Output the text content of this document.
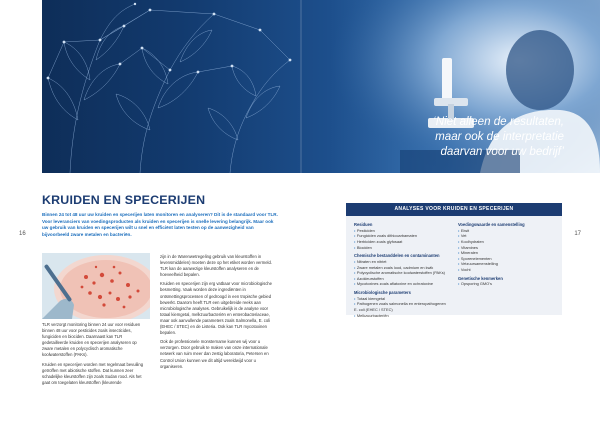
‘Niet alleen de resultaten,
maar ook de interpretatie
daarvan voor uw bedrijf’
16	17
KRUIDEN EN SPECERIJEN

Binnen 24 tot 48 uur uw kruiden en specerijen laten monitoren en analyseren? Dit is de standaard voor TLR. Voor leveranciers van voedingsproducten als kruiden en specerijen is snelle levering belangrijk. Maar ook uw gebruik van kruiden en specerijen wilt u snel en efficiënt laten testen op de aanwezigheid van bijvoorbeeld zware metalen en bacteriën.

TLR verzorgt monitoring binnen 24 uur voor residuen binnen 48 uur voor pesticides zoals insecticides, fungiciden en biociden. Daarnaast kan TLR gedetailleerde kruiden en specerijen analyseren op zware metalen en polycyclisch aromatische koolwaterstoffen (PAKs).

Kruiden en specerijen worden met regelmaat bevuiling getroffen met abiotische stoffen. Dat kunnen zeer schadelijke kleurstoffen zijn zoals Sudan rood. Als het gaat om toegelaten kleurstoffen (kleurende

zijn in de Warenwetregeling gebruik van kleurstoffen in levensmiddelen) moeten deze op het etiket worden vermeld. TLR kan de aanwezige kleurstoffen analyseren en de hoeveelheid bepalen.

Kruiden en specerijen zijn erg vatbaar voor microbiologische besmetting. Vaak worden deze ingrediënten in ontsmettingsprocessen of gedroogd in een tropische gebied bewerkt. Daarom heeft TLR een uitgebreide reeks aan microbiologische analyses. Gebruikelijk is de analyse voor totaal kiemgetal, melkzuurbacteriën en enterobacteriaceae, maar ook aanvullende parameters zoals Salmonella, E. coli (EHEC / STEC) en de Listeria. Ook kan TLR mycotoxinen bepalen.

Ook de professionele monstername kunnen wij voor u verzorgen. Door gebruik te maken van onze internationale netwerk van ruim meer dan zestig laboratoria, Petersen en Control Union kunnen we dit altijd wereldwijd voor u organiseren.

ANALYSES VOOR KRUIDEN EN SPECERIJEN
Residuen
• Pesticiden
• Fungiciden zoals dithiocarbamaten
• Herbiciden zoals glyfosaat
• Biociden
Chemische bestanddelen en contaminanten
• Nitraten en nitriet
• Zware metalen zoals lood, cadmium en kwik
• Polycyclische aromatische koolwaterstoffen (PAKs)
• Azokleurstoffen
• Mycotoxines zoals aflatoxine en ochratoxine
Microbiologische parameters
• Totaal kiemgetal
• Pathogenen zoals salmonella en enteropathogenen E. coli (EHEC / STEC)
• Melkzuurbacteriën
Voedingswaarde en samenstelling
• Eiwit
• Vet
• Koolhydraten
• Vitamines
• Mineralen
• Sporenelementen
• Vetzuursamenstelling
• Vocht
Genetische kenmerken
• Opsporing GMO’s
